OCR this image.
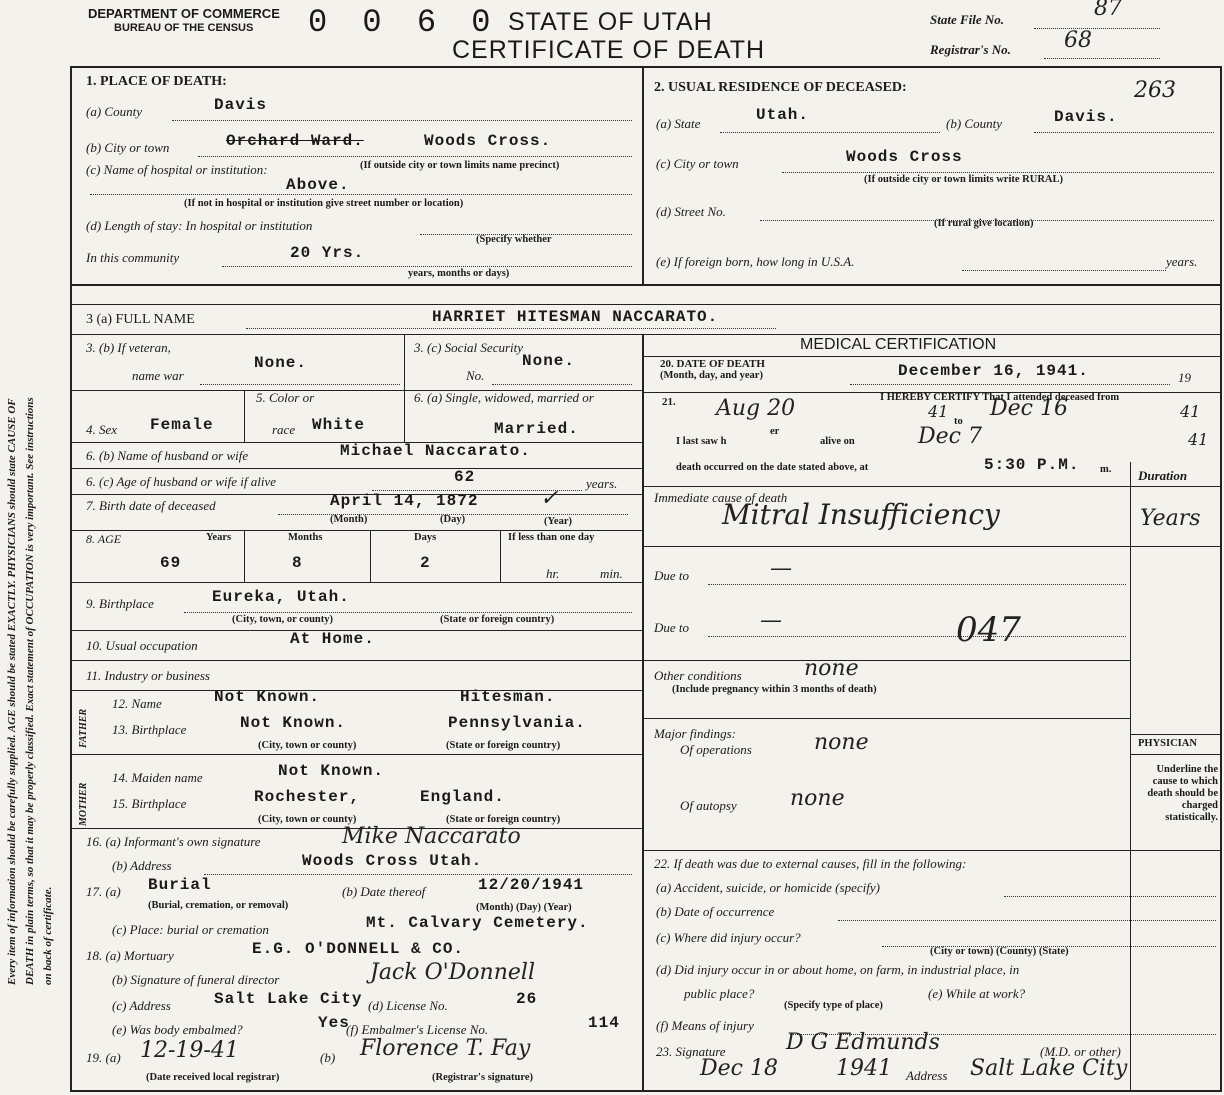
Every item of information should be carefully supplied. AGE should be stated EXACTLY. PHYSICIANS should state CAUSE OF DEATH in plain terms, so that it may be properly classified. Exact statement of OCCUPATION is very important. See instructions on back of certificate.
DEPARTMENT OF COMMERCE
BUREAU OF THE CENSUS 0 0 6 0 STATE OF UTAH
CERTIFICATE OF DEATH
State File No.	87
Registrar's No. 68
1. PLACE OF DEATH:
(a) County	Davis
(b) City or town	Orchard Ward.	Woods Cross.
(c) Name of hospital or institution:	(If outside city or town limits name precinct)
Above.
(If not in hospital or institution give street number or location)
(d) Length of stay: In hospital or institution
(Specify whether
In this community	20 Yrs.
years, months or days)
2. USUAL RESIDENCE OF DECEASED:	263
(a) State	Utah.	(b) County	Davis.
(c) City or town	Woods Cross
(If outside city or town limits write RURAL)
(d) Street No.
(If rural give location)
(e) If foreign born, how long in U.S.A.	years.
3 (a) FULL NAME	HARRIET HITESMAN NACCARATO.
3. (b) If veteran,
name war
None.
3. (c) Social Security
No.
None.
4. Sex Female
5. Color or
race White
6. (a) Single, widowed, married or
Married.
6. (b) Name of husband or wife	Michael Naccarato.
6. (c) Age of husband or wife if alive	62	years.
7. Birth date of deceased	April 14, 1872	✓
(Month)	(Day)	(Year)
8. AGE	Years	Months	Days	If less than one day
69	8	2
hr.	min.
9. Birthplace	Eureka, Utah.
(City, town, or county)	(State or foreign country)
10. Usual occupation	At Home.
11. Industry or business
FATHER
12. Name	Not Known.	Hitesman.
13. Birthplace	Not Known.	Pennsylvania.
(City, town or county)	(State or foreign country)
MOTHER
14. Maiden name	Not Known.
15. Birthplace	Rochester,	England.
(City, town or county)	(State or foreign country)
16. (a) Informant's own signature	Mike Naccarato
(b) Address	Woods Cross Utah.
17. (a) Burial
(Burial, cremation, or removal)
(b) Date thereof	12/20/1941
(Month) (Day) (Year)
(c) Place: burial or cremation	Mt. Calvary Cemetery.
18. (a) Mortuary	E.G. O'DONNELL & CO.
(b) Signature of funeral director	Jack O'Donnell
(c) Address	Salt Lake City (d) License No.	26
(e) Was body embalmed?	Yes
(f) Embalmer's License No.	114
19. (a) 12-19-41	(b) Florence T. Fay
(Date received local registrar)	(Registrar's signature)
MEDICAL CERTIFICATION
20. DATE OF DEATH
(Month, day, and year)	December 16, 1941.	19
21.	I HEREBY CERTIFY That I attended deceased from
Aug 20	41
to
Dec 16	41
I last saw h
er
alive on	Dec 7	41
death occurred on the date stated above, at	5:30 P.M. m. Duration
Immediate cause of death
Mitral Insufficiency	Years
Due to	—
Due to	—	047
Other conditions	none
(Include pregnancy within 3 months of death)
Major findings:
Of operations	none
Of autopsy none
PHYSICIAN
Underline the cause to which death should be charged statistically.
22. If death was due to external causes, fill in the following:
(a) Accident, suicide, or homicide (specify)
(b) Date of occurrence
(c) Where did injury occur?
(City or town) (County) (State)
(d) Did injury occur in or about home, on farm, in industrial place, in
public place?
(Specify type of place)
(e) While at work?
(f) Means of injury
23. Signature	D G Edmunds	(M.D. or other)
Dec 18	1941 Address Salt Lake City
